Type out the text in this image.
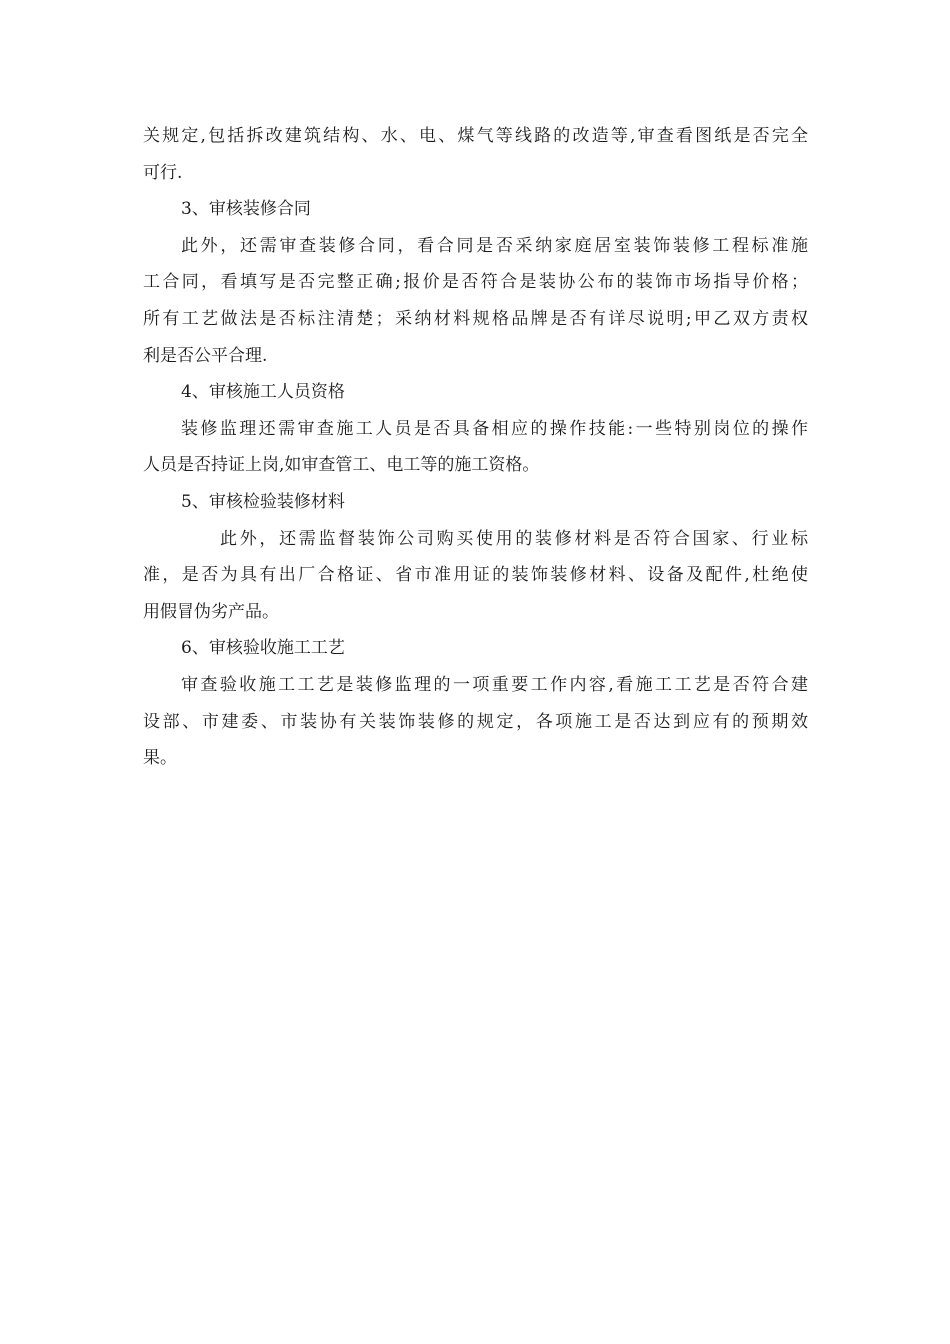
关规定,包括拆改建筑结构、水、电、煤气等线路的改造等,审查看图纸是否完全
可行.
3、审核装修合同
此外，还需审查装修合同，看合同是否采纳家庭居室装饰装修工程标准施
工合同，看填写是否完整正确;报价是否符合是装协公布的装饰市场指导价格；
所有工艺做法是否标注清楚；采纳材料规格品牌是否有详尽说明;甲乙双方责权
利是否公平合理.
4、审核施工人员资格
装修监理还需审查施工人员是否具备相应的操作技能:一些特别岗位的操作
人员是否持证上岗,如审查管工、电工等的施工资格。
5、审核检验装修材料
此外，还需监督装饰公司购买使用的装修材料是否符合国家、行业标
准，是否为具有出厂合格证、省市准用证的装饰装修材料、设备及配件,杜绝使
用假冒伪劣产品。
6、审核验收施工工艺
审查验收施工工艺是装修监理的一项重要工作内容,看施工工艺是否符合建
设部、市建委、市装协有关装饰装修的规定，各项施工是否达到应有的预期效
果。
